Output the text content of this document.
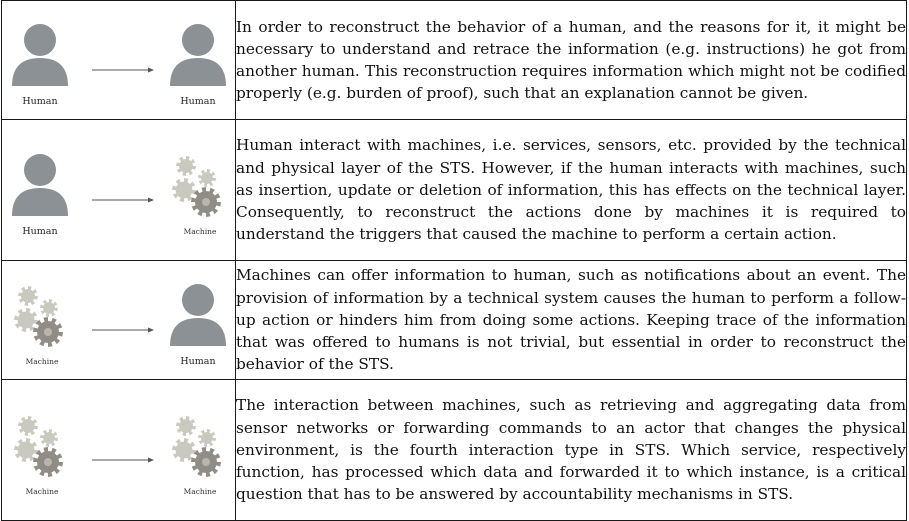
Human Human	In order to reconstruct the behavior of a human, and the reasons for it, it might be necessary to understand and retrace the information (e.g. instructions) he got from another human. This reconstruction requires information which might not be codified properly (e.g. burden of proof), such that an explanation cannot be given.

Human Machine	Human interact with machines, i.e. services, sensors, etc. provided by the technical and physical layer of the STS. However, if the human interacts with machines, such as insertion, update or deletion of information, this has effects on the technical layer. Consequently, to reconstruct the actions done by machines it is required to understand the triggers that caused the machine to perform a certain action.

Machine Human	Machines can offer information to human, such as notifications about an event. The provision of information by a technical system causes the human to perform a follow-up action or hinders him from doing some actions. Keeping trace of the information that was offered to humans is not trivial, but essential in order to reconstruct the behavior of the STS.

Machine Machine	The interaction between machines, such as retrieving and aggregating data from sensor networks or forwarding commands to an actor that changes the physical environment, is the fourth interaction type in STS. Which service, respectively function, has processed which data and forwarded it to which instance, is a critical question that has to be answered by accountability mechanisms in STS.
